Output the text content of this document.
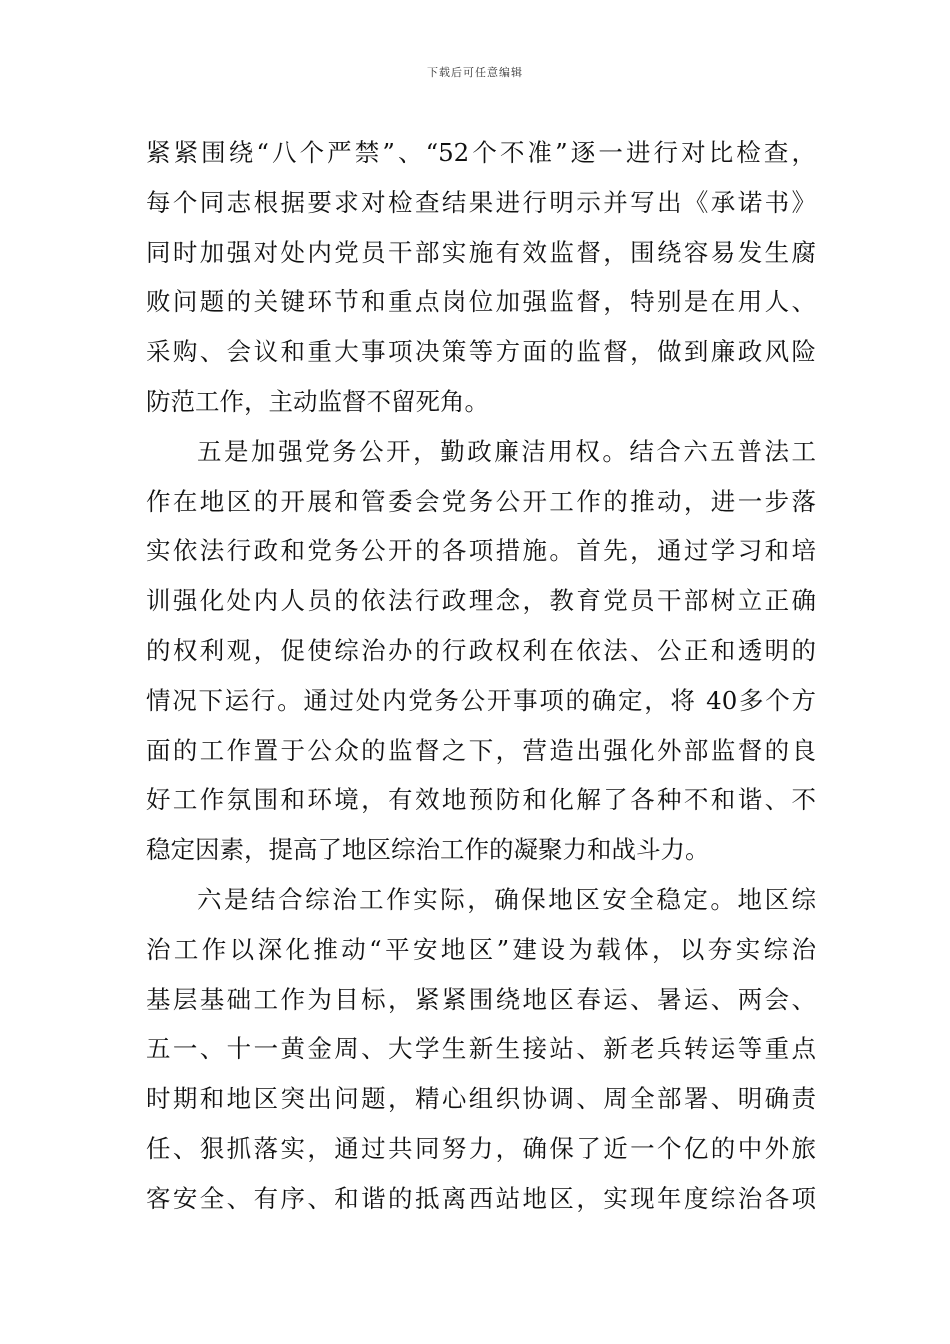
下载后可任意编辑
紧紧围绕“八个严禁”、“52个不准”逐一进行对比检查，
每个同志根据要求对检查结果进行明示并写出《承诺书》
同时加强对处内党员干部实施有效监督，围绕容易发生腐
败问题的关键环节和重点岗位加强监督，特别是在用人、
采购、会议和重大事项决策等方面的监督，做到廉政风险
防范工作，主动监督不留死角。
五是加强党务公开，勤政廉洁用权。结合六五普法工
作在地区的开展和管委会党务公开工作的推动，进一步落
实依法行政和党务公开的各项措施。首先，通过学习和培
训强化处内人员的依法行政理念，教育党员干部树立正确
的权利观，促使综治办的行政权利在依法、公正和透明的
情况下运行。通过处内党务公开事项的确定，将 40多个方
面的工作置于公众的监督之下，营造出强化外部监督的良
好工作氛围和环境，有效地预防和化解了各种不和谐、不
稳定因素，提高了地区综治工作的凝聚力和战斗力。
六是结合综治工作实际，确保地区安全稳定。地区综
治工作以深化推动“平安地区”建设为载体，以夯实综治
基层基础工作为目标，紧紧围绕地区春运、暑运、两会、
五一、十一黄金周、大学生新生接站、新老兵转运等重点
时期和地区突出问题，精心组织协调、周全部署、明确责
任、狠抓落实，通过共同努力，确保了近一个亿的中外旅
客安全、有序、和谐的抵离西站地区，实现年度综治各项
